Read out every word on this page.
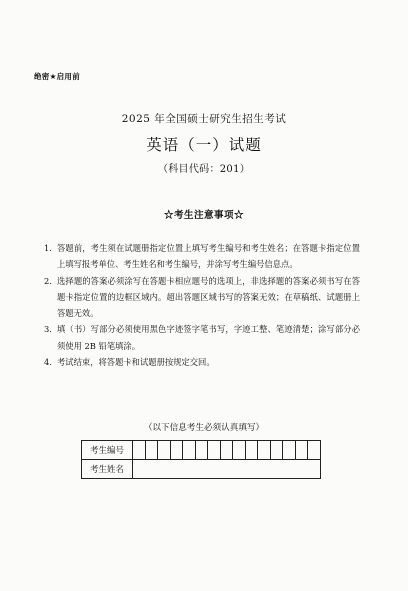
绝密★启用前
2025 年全国硕士研究生招生考试
英语（一）试题
（科目代码：201）
☆考生注意事项☆
1. 答题前，考生须在试题册指定位置上填写考生编号和考生姓名；在答题卡指定位置上填写报考单位、考生姓名和考生编号，并涂写考生编号信息点。
2. 选择题的答案必须涂写在答题卡相应题号的选项上，非选择题的答案必须书写在答题卡指定位置的边框区域内。超出答题区域书写的答案无效；在草稿纸、试题册上答题无效。
3. 填（书）写部分必须使用黑色字迹签字笔书写，字迹工整、笔迹清楚；涂写部分必须使用 2B 铅笔填涂。
4. 考试结束，将答题卡和试题册按规定交回。
（以下信息考生必须认真填写）
考生编号															
考生姓名															
